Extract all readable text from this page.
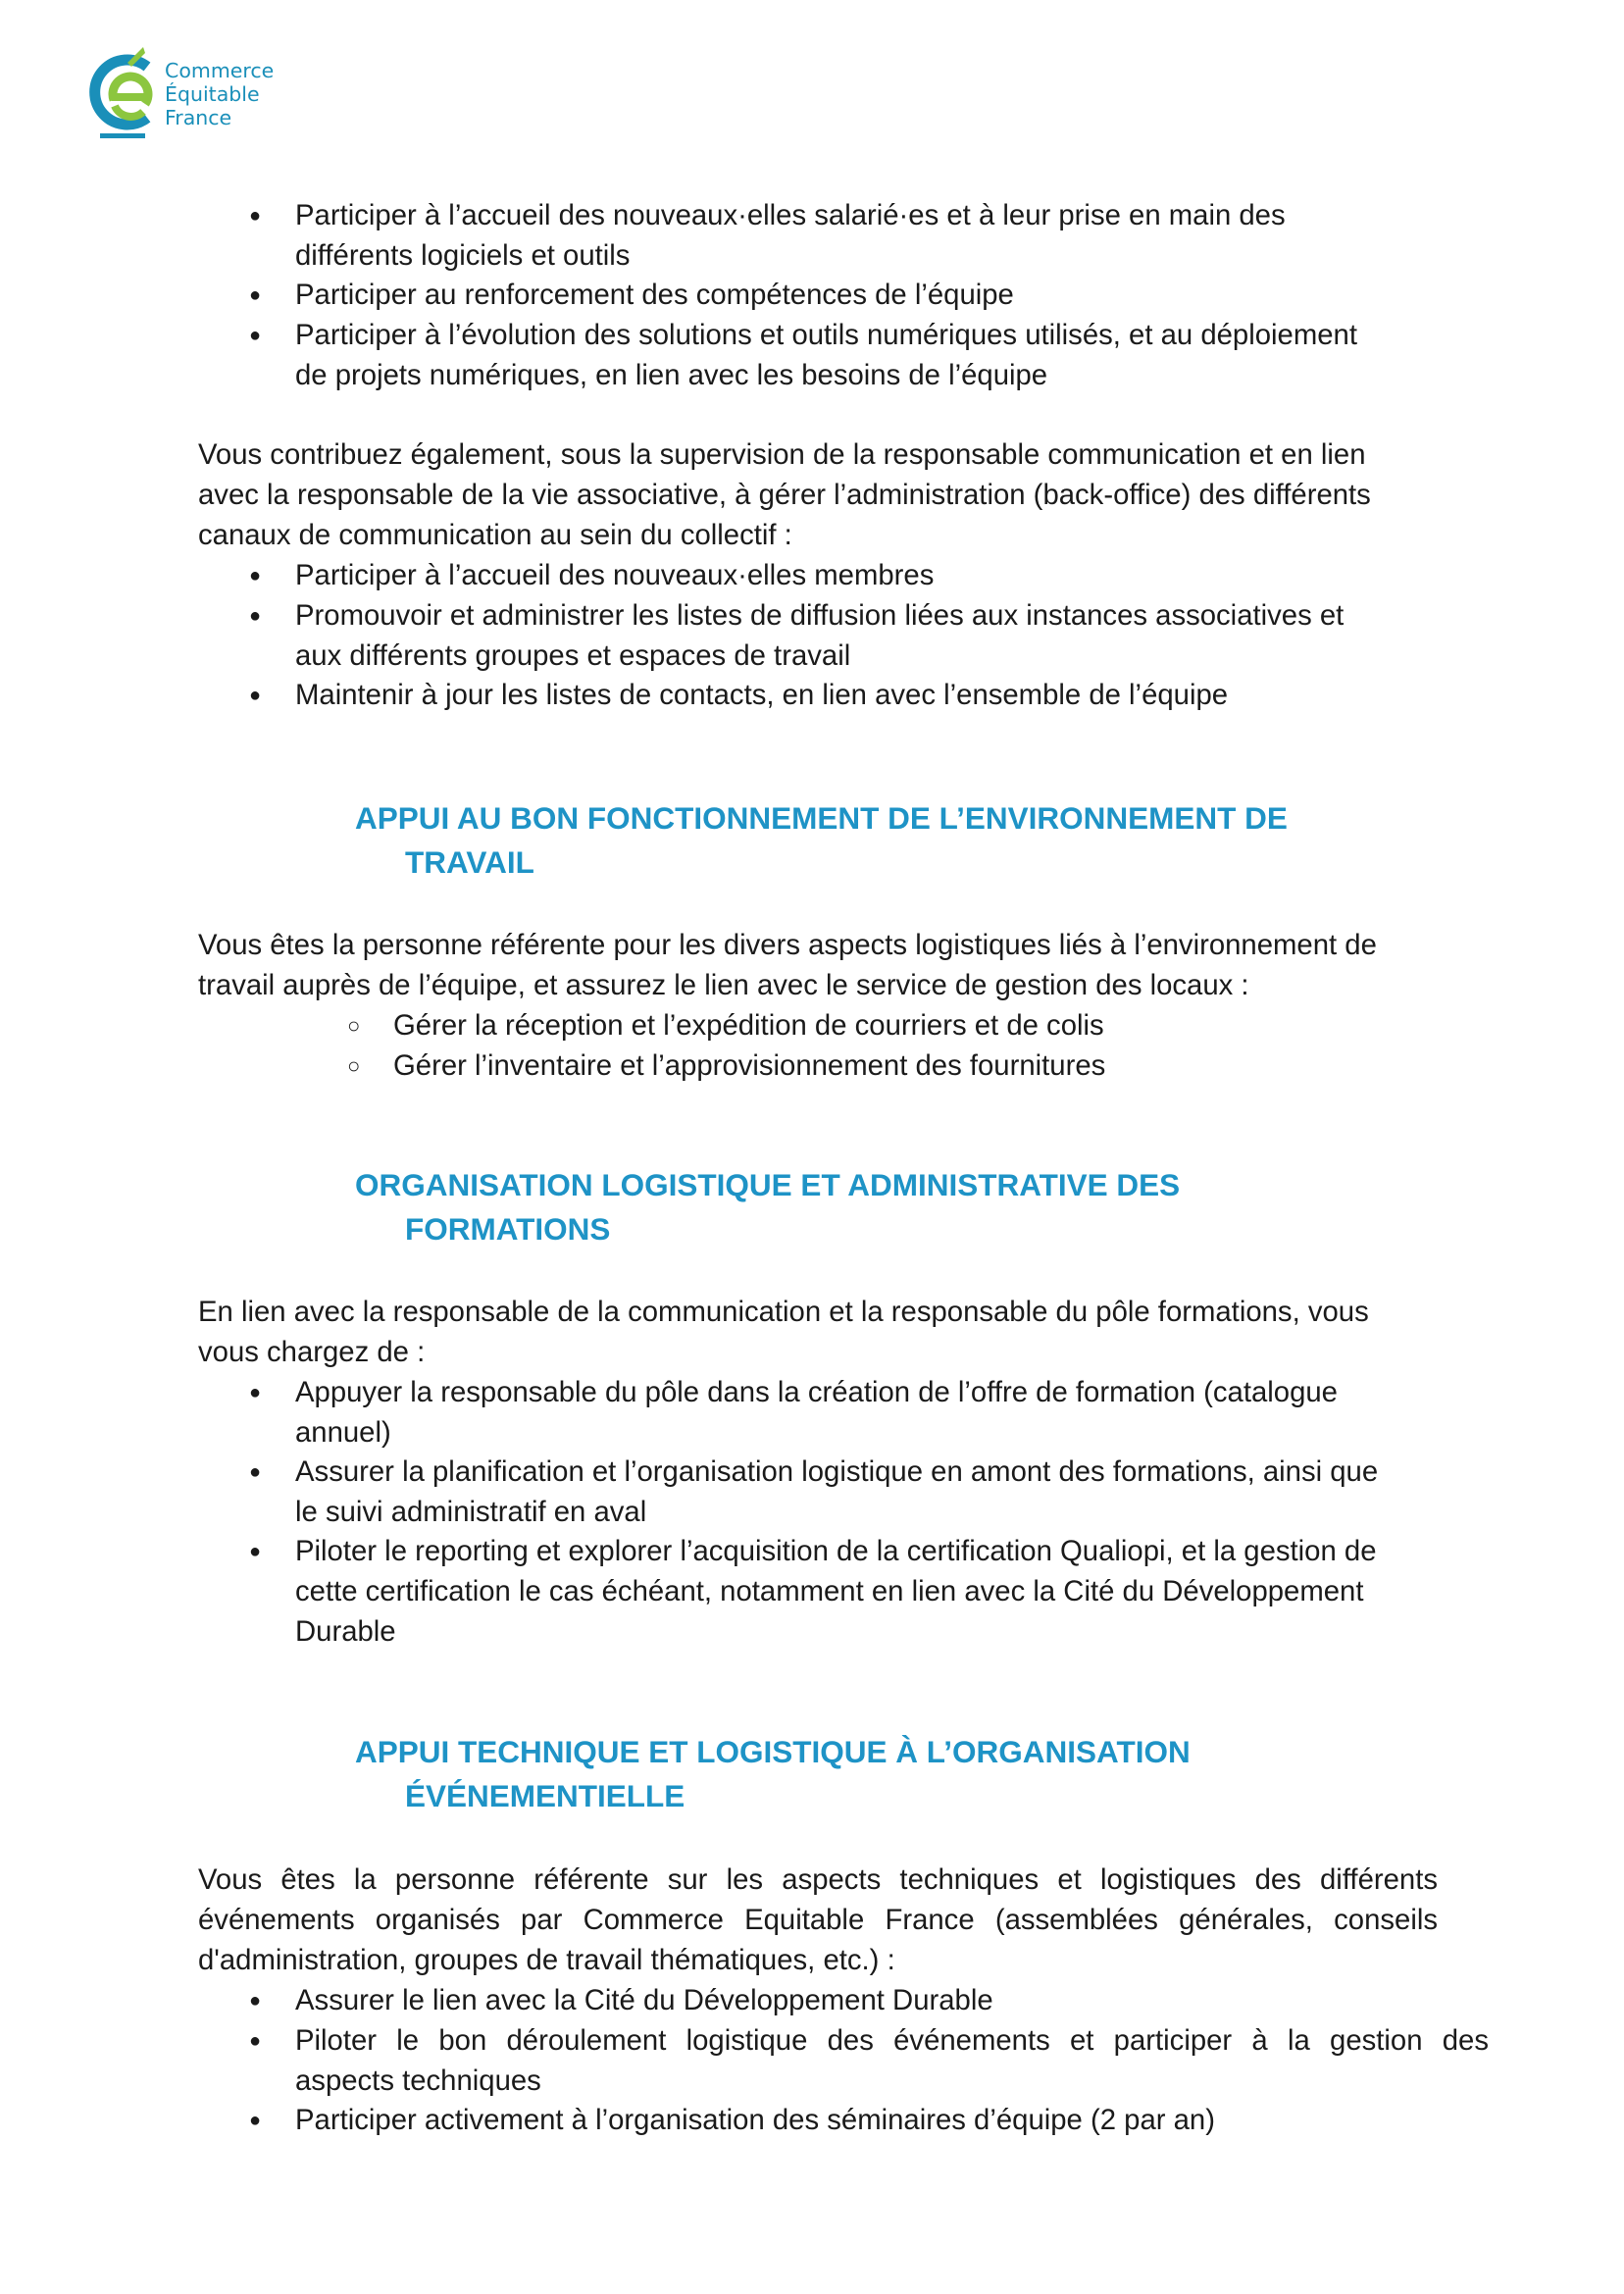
Commerce
Équitable
France
● Participer à l’accueil des nouveaux·elles salarié·es et à leur prise en main des
différents logiciels et outils
● Participer au renforcement des compétences de l’équipe
● Participer à l’évolution des solutions et outils numériques utilisés, et au déploiement
de projets numériques, en lien avec les besoins de l’équipe
Vous contribuez également, sous la supervision de la responsable communication et en lien
avec la responsable de la vie associative, à gérer l’administration (back-office) des différents
canaux de communication au sein du collectif :
● Participer à l’accueil des nouveaux·elles membres
● Promouvoir et administrer les listes de diffusion liées aux instances associatives et
aux différents groupes et espaces de travail
● Maintenir à jour les listes de contacts, en lien avec l’ensemble de l’équipe
APPUI AU BON FONCTIONNEMENT DE L’ENVIRONNEMENT DE
TRAVAIL
Vous êtes la personne référente pour les divers aspects logistiques liés à l’environnement de
travail auprès de l’équipe, et assurez le lien avec le service de gestion des locaux :
○ Gérer la réception et l’expédition de courriers et de colis
○ Gérer l’inventaire et l’approvisionnement des fournitures
ORGANISATION LOGISTIQUE ET ADMINISTRATIVE DES
FORMATIONS
En lien avec la responsable de la communication et la responsable du pôle formations, vous
vous chargez de :
● Appuyer la responsable du pôle dans la création de l’offre de formation (catalogue
annuel)
● Assurer la planification et l’organisation logistique en amont des formations, ainsi que
le suivi administratif en aval
● Piloter le reporting et explorer l’acquisition de la certification Qualiopi, et la gestion de
cette certification le cas échéant, notamment en lien avec la Cité du Développement
Durable
APPUI TECHNIQUE ET LOGISTIQUE À L’ORGANISATION
ÉVÉNEMENTIELLE
Vous êtes la personne référente sur les aspects techniques et logistiques des différents
événements organisés par Commerce Equitable France (assemblées générales, conseils
d'administration, groupes de travail thématiques, etc.) :
● Assurer le lien avec la Cité du Développement Durable
● Piloter le bon déroulement logistique des événements et participer à la gestion des
aspects techniques
● Participer activement à l’organisation des séminaires d’équipe (2 par an)
